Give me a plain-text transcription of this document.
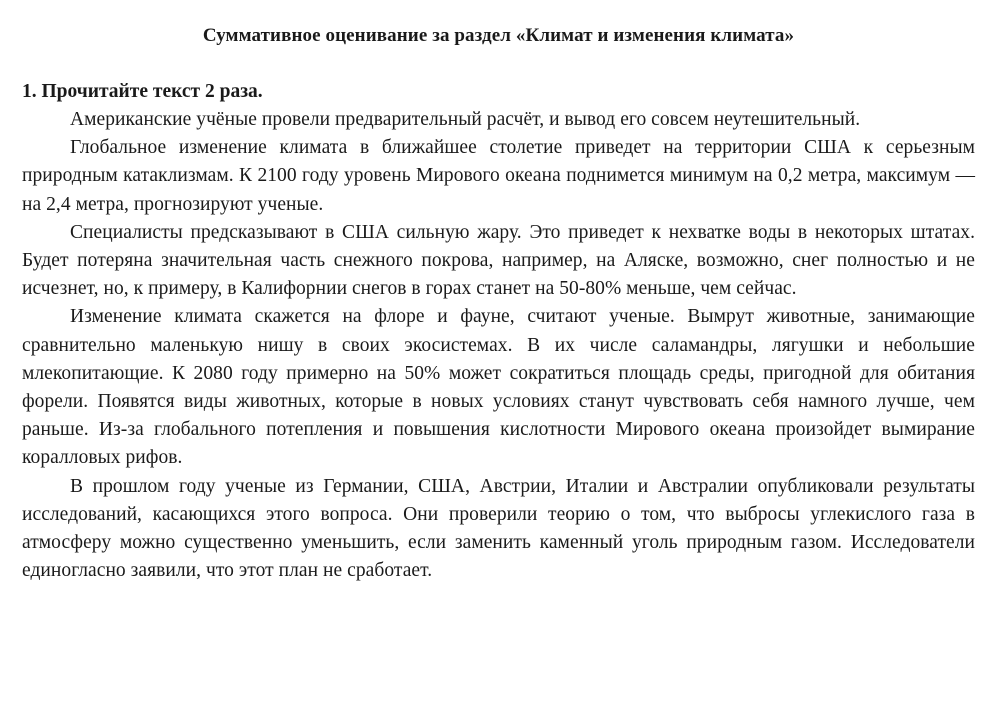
Суммативное оценивание за раздел «Климат и изменения климата»
1. Прочитайте текст 2 раза.

Американские учёные провели предварительный расчёт, и вывод его совсем неутешительный.

Глобальное изменение климата в ближайшее столетие приведет на территории США к серьезным природным катаклизмам. К 2100 году уровень Мирового океана поднимется минимум на 0,2 метра, максимум — на 2,4 метра, прогнозируют ученые.

Специалисты предсказывают в США сильную жару. Это приведет к нехватке воды в некоторых штатах. Будет потеряна значительная часть снежного покрова, например, на Аляске, возможно, снег полностью и не исчезнет, но, к примеру, в Калифорнии снегов в горах станет на 50-80% меньше, чем сейчас.

Изменение климата скажется на флоре и фауне, считают ученые. Вымрут животные, занимающие сравнительно маленькую нишу в своих экосистемах. В их числе саламандры, лягушки и небольшие млекопитающие. К 2080 году примерно на 50% может сократиться площадь среды, пригодной для обитания форели. Появятся виды животных, которые в новых условиях станут чувствовать себя намного лучше, чем раньше. Из-за глобального потепления и повышения кислотности Мирового океана произойдет вымирание коралловых рифов.

В прошлом году ученые из Германии, США, Австрии, Италии и Австралии опубликовали результаты исследований, касающихся этого вопроса. Они проверили теорию о том, что выбросы углекислого газа в атмосферу можно существенно уменьшить, если заменить каменный уголь природным газом. Исследователи единогласно заявили, что этот план не сработает.
